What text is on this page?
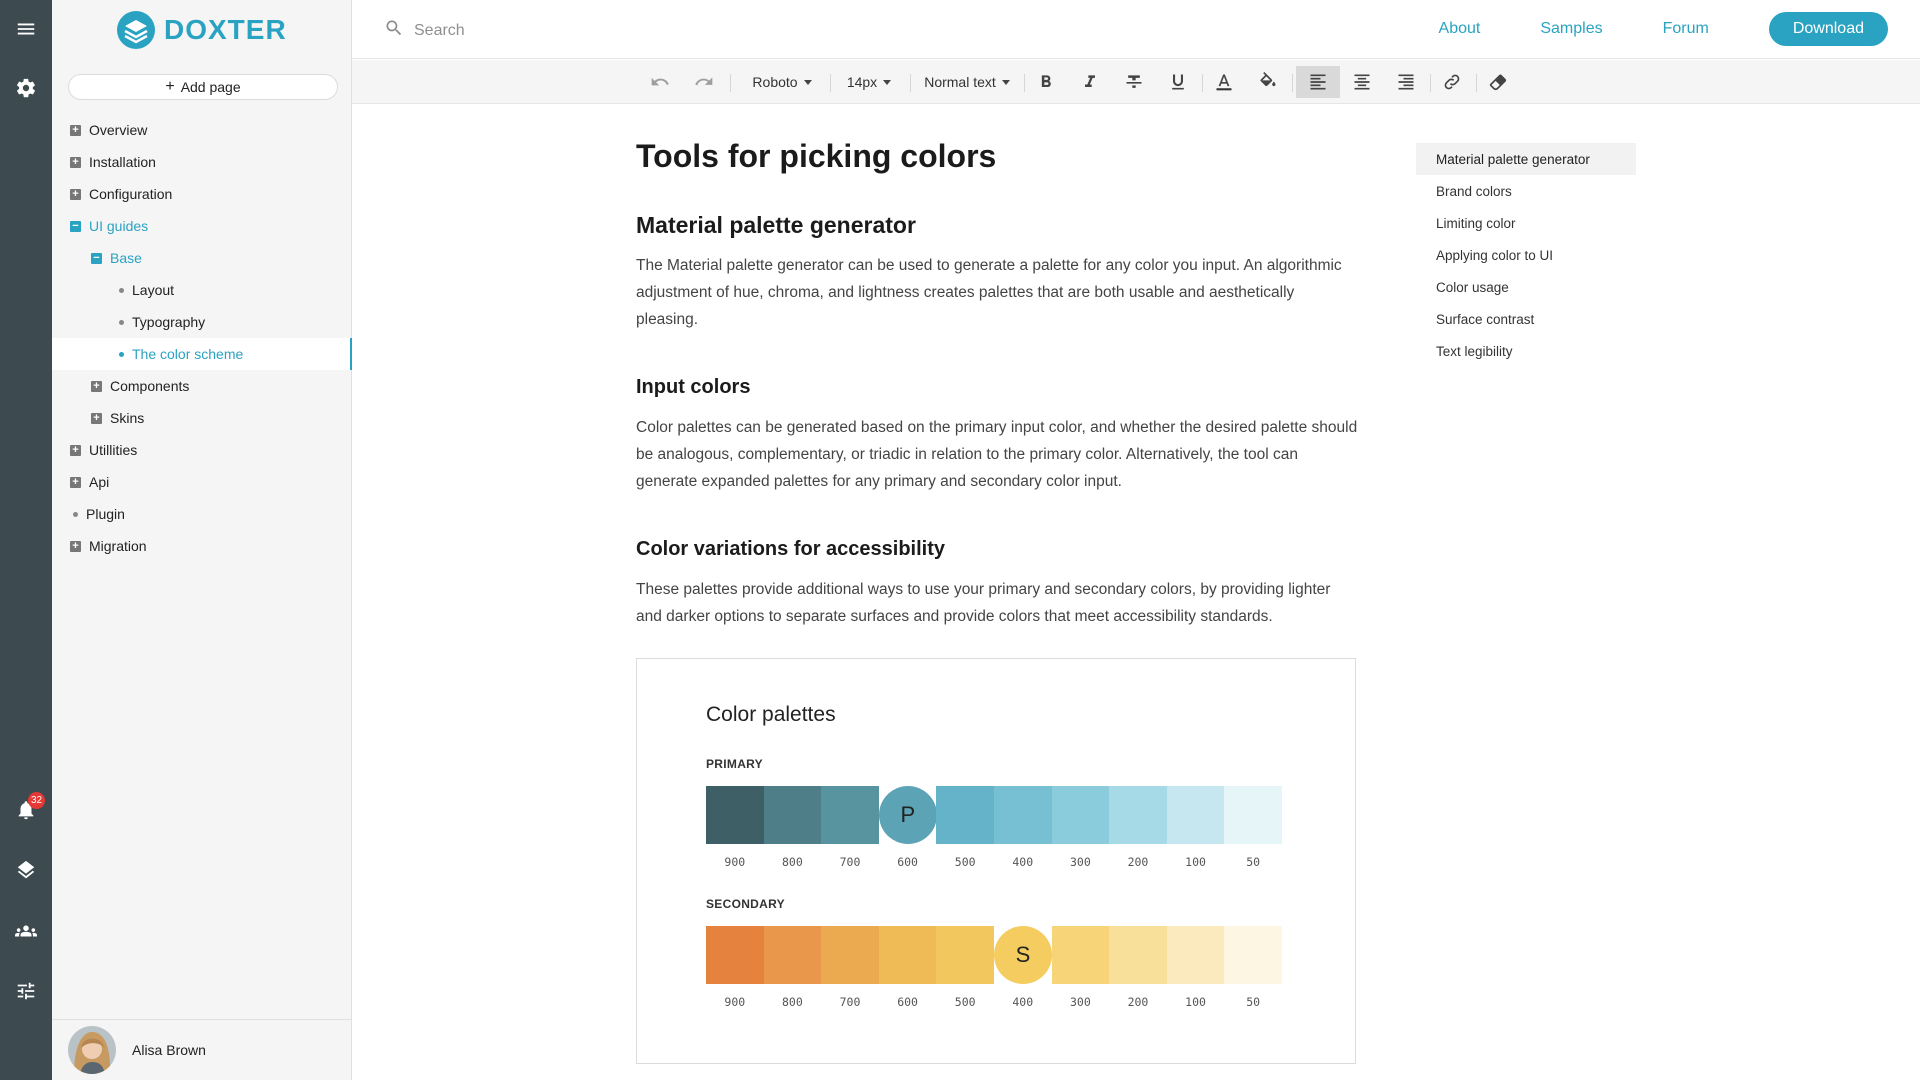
32
DOXTER
+ Add page
+ Overview
+ Installation
+ Configuration
− UI guides
− Base
Layout
Typography
The color scheme
+ Components
+ Skins
+ Utillities
+ Api
Plugin
+ Migration
Alisa Brown
Search
About	Samples	Forum	Download
Roboto	14px	Normal text
Tools for picking colors
Material palette generator

The Material palette generator can be used to generate a palette for any color you input. An algorithmic adjustment of hue, chroma, and lightness creates palettes that are both usable and aesthetically pleasing.

Input colors

Color palettes can be generated based on the primary input color, and whether the desired palette should be analogous, complementary, or triadic in relation to the primary color. Alternatively, the tool can generate expanded palettes for any primary and secondary color input.

Color variations for accessibility

These palettes provide additional ways to use your primary and secondary colors, by providing lighter and darker options to separate surfaces and provide colors that meet accessibility standards.

Color palettes
PRIMARY
P
900	800	700	600	500	400	300	200	100	50
SECONDARY
S
900	800	700	600	500	400	300	200	100	50
Material palette generator
Brand colors
Limiting color
Applying color to UI
Color usage
Surface contrast
Text legibility
